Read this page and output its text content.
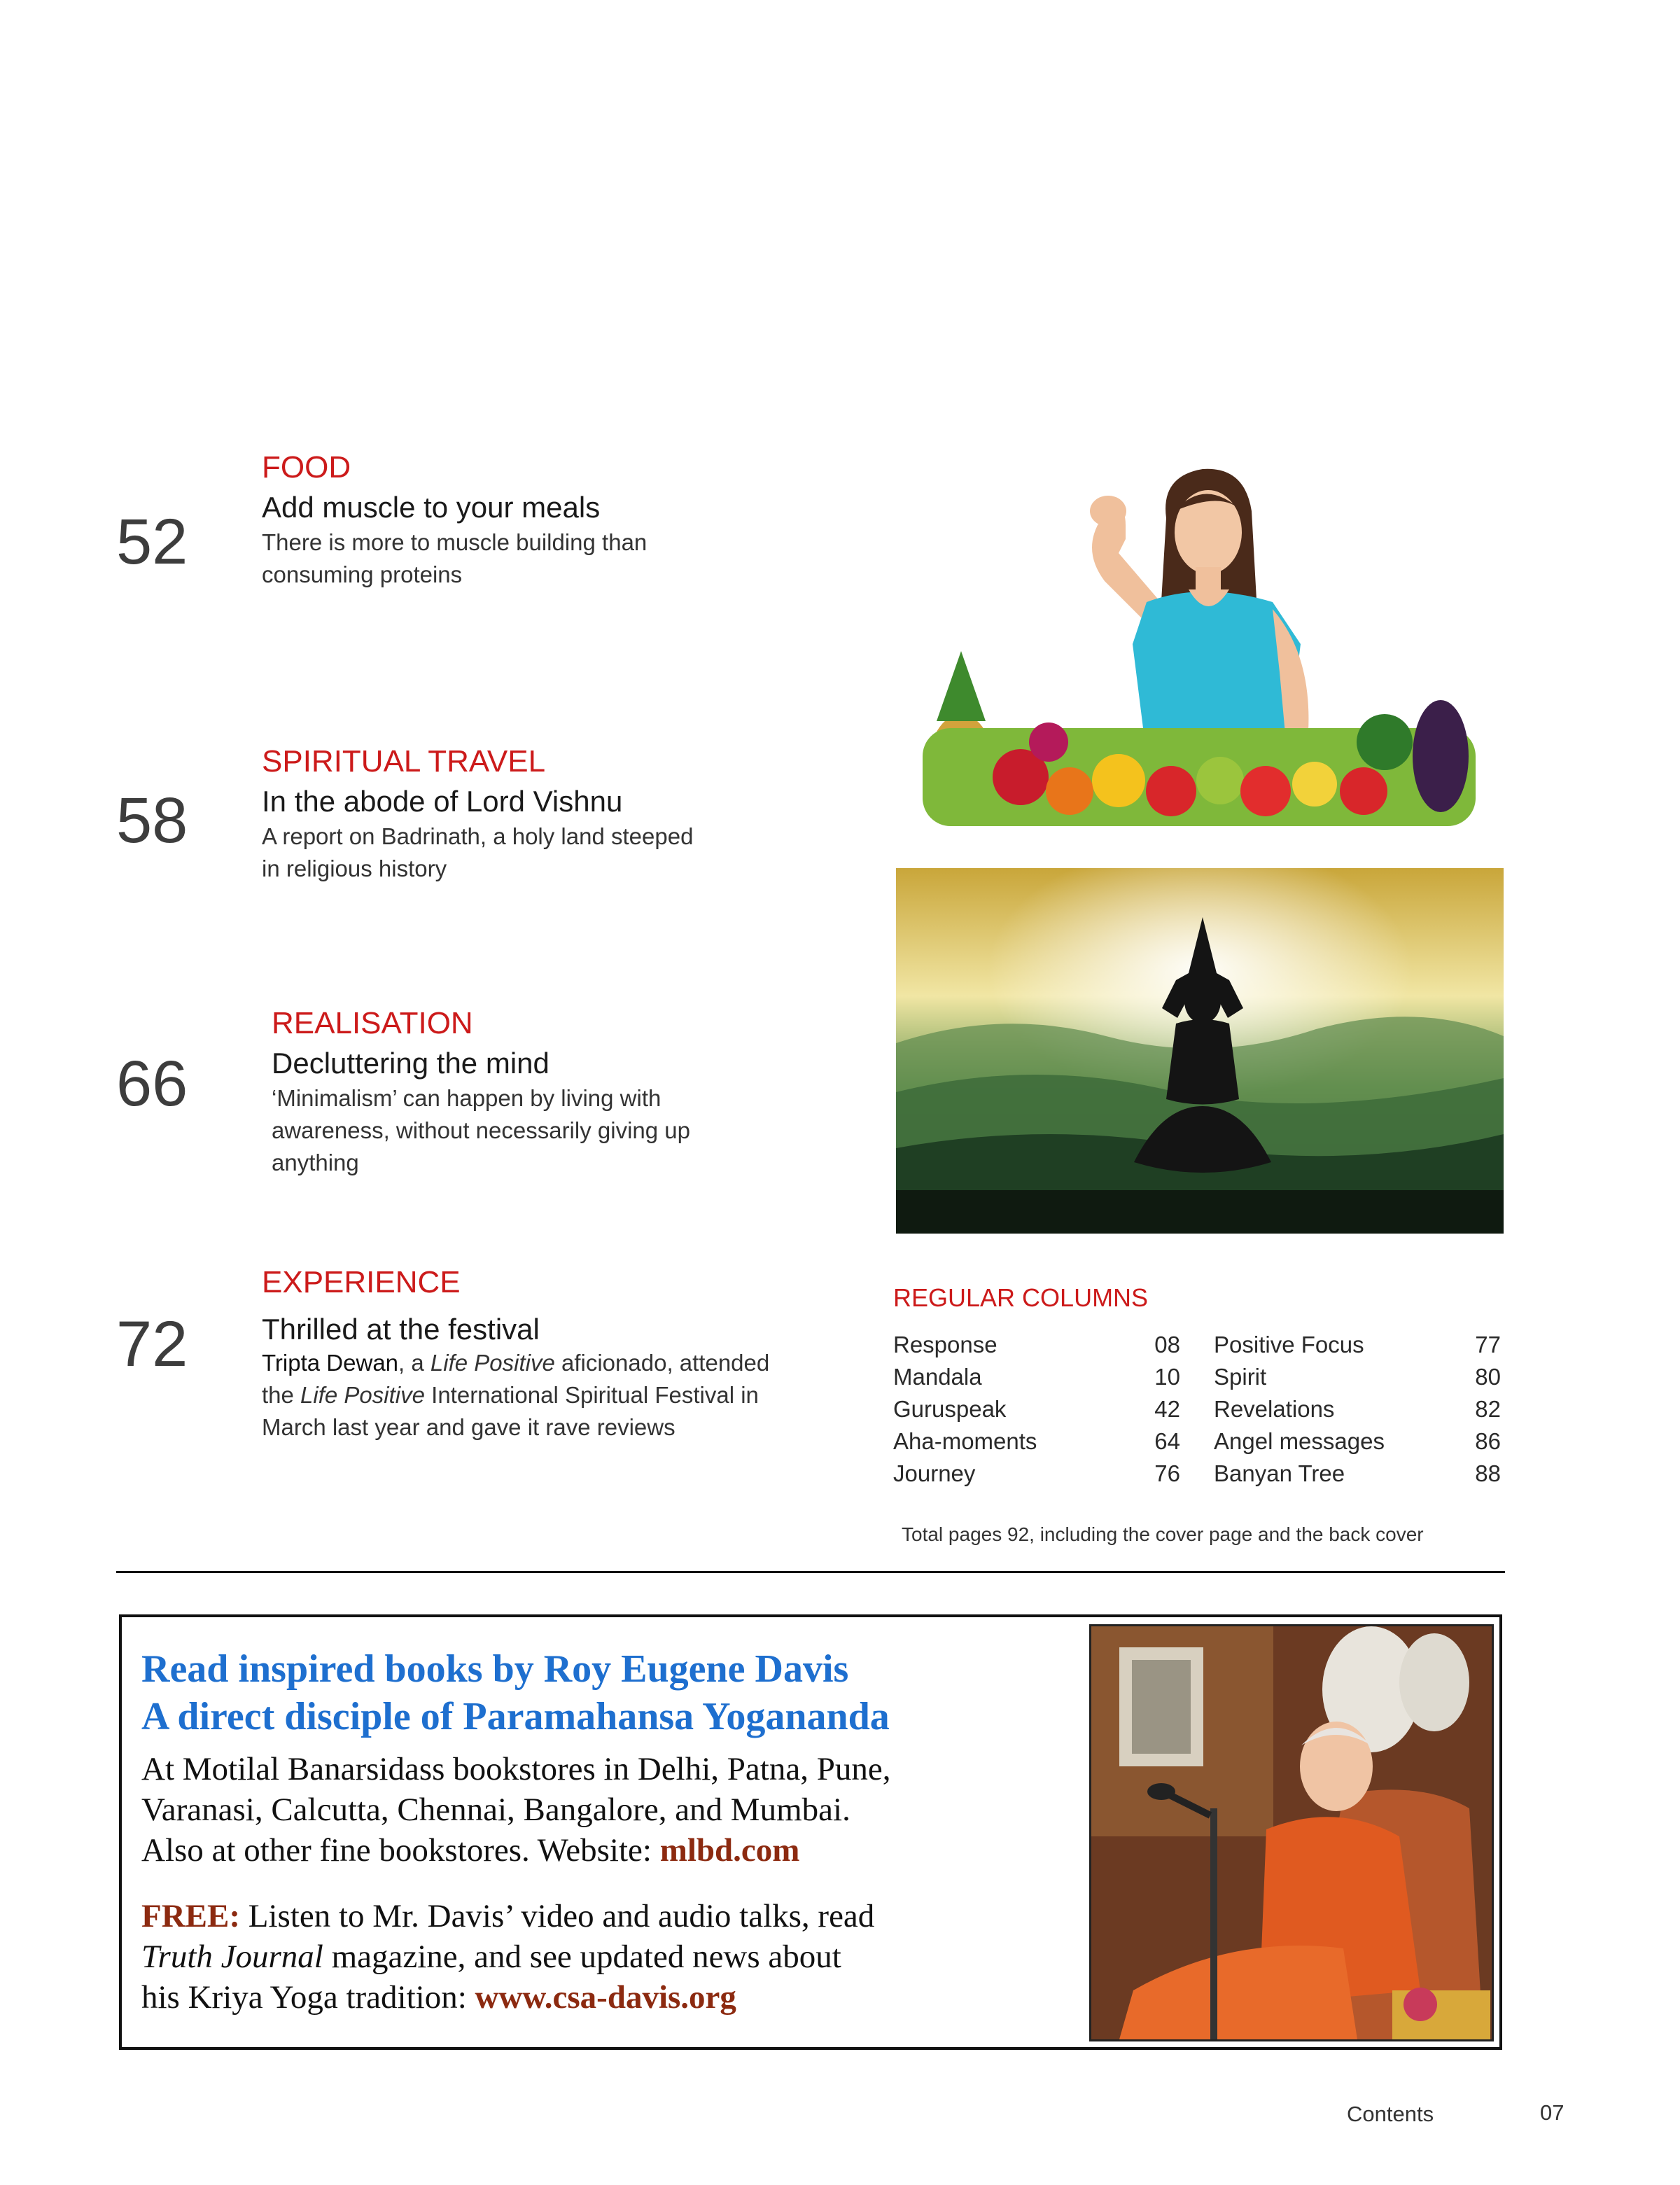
52
FOOD
Add muscle to your meals
There is more to muscle building than
consuming proteins
58
SPIRITUAL TRAVEL
In the abode of Lord Vishnu
A report on Badrinath, a holy land steeped
in religious history
66
REALISATION
Decluttering the mind
‘Minimalism’ can happen by living with
awareness, without necessarily giving up
anything
72
EXPERIENCE
Thrilled at the festival
Tripta Dewan, a Life Positive aficionado, attended
the Life Positive International Spiritual Festival in
March last year and gave it rave reviews
REGULAR COLUMNS
Response	08
Mandala	10
Guruspeak	42
Aha-moments	64
Journey	76
Positive Focus	77
Spirit	80
Revelations	82
Angel messages	86
Banyan Tree	88
Total pages 92, including the cover page and the back cover
Read inspired books by Roy Eugene Davis
A direct disciple of Paramahansa Yogananda
At Motilal Banarsidass bookstores in Delhi, Patna, Pune,
Varanasi, Calcutta, Chennai, Bangalore, and Mumbai.
Also at other fine bookstores. Website: mlbd.com
FREE: Listen to Mr. Davis’ video and audio talks, read
Truth Journal magazine, and see updated news about
his Kriya Yoga tradition: www.csa-davis.org
Contents	07
